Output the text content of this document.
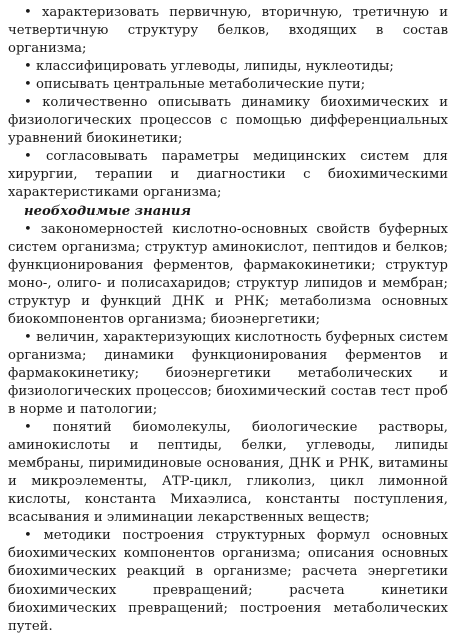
• характеризовать первичную, вторичную, третичную и четвертичную структуру белков, входящих в состав организма;

• классифицировать углеводы, липиды, нуклеотиды;

• описывать центральные метаболические пути;

• количественно описывать динамику биохимических и физиологических процессов с помощью дифференциальных уравнений биокинетики;

• согласовывать параметры медицинских систем для хирургии, терапии и диагностики с биохимическими характеристиками организма;

необходимые знания

• закономерностей кислотно-основных свойств буферных систем организма; структур аминокислот, пептидов и белков; функционирования ферментов, фармакокинетики; структур моно-, олиго- и полисахаридов; структур липидов и мембран; структур и функций ДНК и РНК; метаболизма основных биокомпонентов организма; биоэнергетики;

• величин, характеризующих кислотность буферных систем организма; динамики функционирования ферментов и фармакокинетику; биоэнергетики метаболических и физиологических процессов; биохимический состав тест проб в норме и патологии;

• понятий биомолекулы, биологические растворы, аминокислоты и пептиды, белки, углеводы, липиды мембраны, пиримидиновые основания, ДНК и РНК, витамины и микроэлементы, АТР-цикл, гликолиз, цикл лимонной кислоты, константа Михаэлиса, константы поступления, всасывания и элиминации лекарственных веществ;

• методики построения структурных формул основных биохимических компонентов организма; описания основных биохимических реакций в организме; расчета энергетики биохимических превращений; расчета кинетики биохимических превращений; построения метаболических путей.
